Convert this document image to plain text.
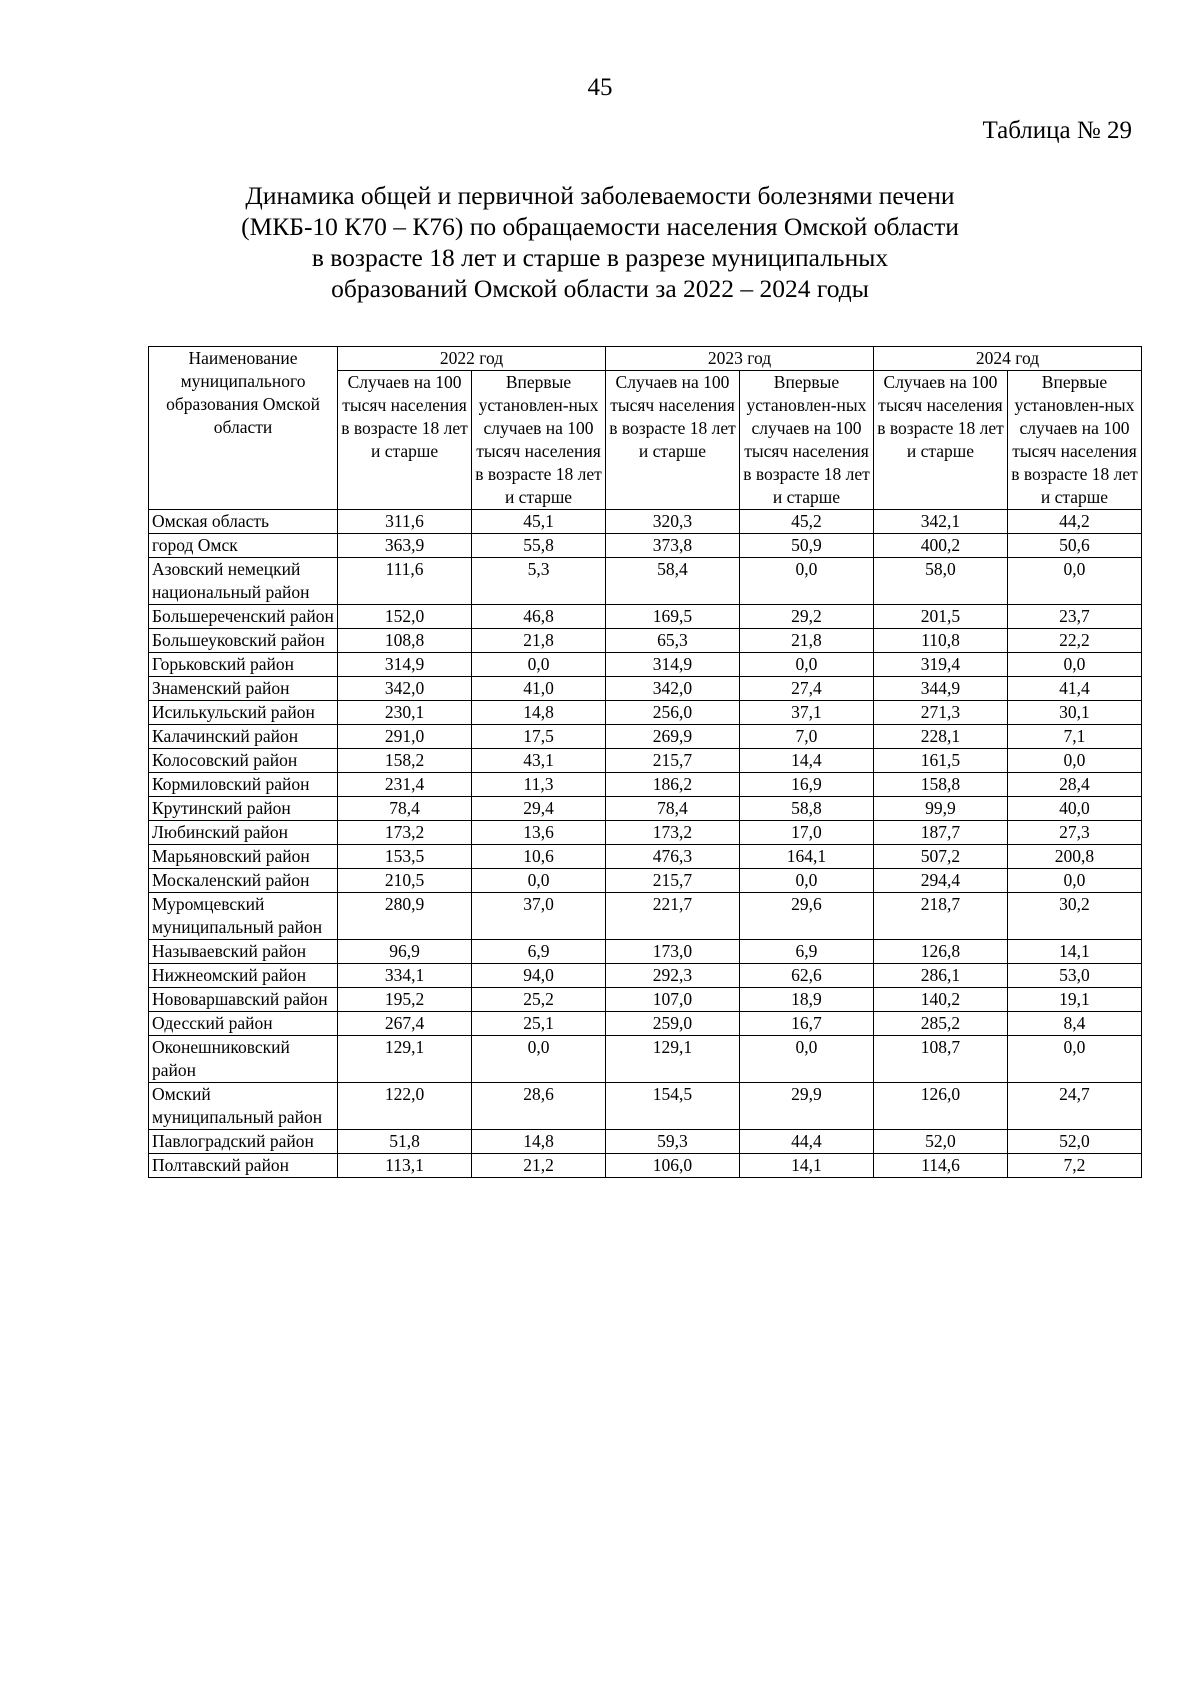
45
Таблица № 29
Динамика общей и первичной заболеваемости болезнями печени
(МКБ-10 К70 – К76) по обращаемости населения Омской области
в возрасте 18 лет и старше в разрезе муниципальных
образований Омской области за 2022 – 2024 годы
Наименование муниципального образования Омской области	2022 год		2023 год		2024 год	
	Случаев на 100 тысяч населения в возрасте 18 лет и старше	Впервые установлен-ных случаев на 100 тысяч населения в возрасте 18 лет и старше	Случаев на 100 тысяч населения в возрасте 18 лет и старше	Впервые установлен-ных случаев на 100 тысяч населения в возрасте 18 лет и старше	Случаев на 100 тысяч населения в возрасте 18 лет и старше	Впервые установлен-ных случаев на 100 тысяч населения в возрасте 18 лет и старше
Омская область	311,6	45,1	320,3	45,2	342,1	44,2
город Омск	363,9	55,8	373,8	50,9	400,2	50,6
Азовский немецкий национальный район	111,6	5,3	58,4	0,0	58,0	0,0
Большереченский район	152,0	46,8	169,5	29,2	201,5	23,7
Большеуковский район	108,8	21,8	65,3	21,8	110,8	22,2
Горьковский район	314,9	0,0	314,9	0,0	319,4	0,0
Знаменский район	342,0	41,0	342,0	27,4	344,9	41,4
Исилькульский район	230,1	14,8	256,0	37,1	271,3	30,1
Калачинский район	291,0	17,5	269,9	7,0	228,1	7,1
Колосовский район	158,2	43,1	215,7	14,4	161,5	0,0
Кормиловский район	231,4	11,3	186,2	16,9	158,8	28,4
Крутинский район	78,4	29,4	78,4	58,8	99,9	40,0
Любинский район	173,2	13,6	173,2	17,0	187,7	27,3
Марьяновский район	153,5	10,6	476,3	164,1	507,2	200,8
Москаленский район	210,5	0,0	215,7	0,0	294,4	0,0
Муромцевский муниципальный район	280,9	37,0	221,7	29,6	218,7	30,2
Называевский район	96,9	6,9	173,0	6,9	126,8	14,1
Нижнеомский район	334,1	94,0	292,3	62,6	286,1	53,0
Нововаршавский район	195,2	25,2	107,0	18,9	140,2	19,1
Одесский район	267,4	25,1	259,0	16,7	285,2	8,4
Оконешниковский район	129,1	0,0	129,1	0,0	108,7	0,0
Омский муниципальный район	122,0	28,6	154,5	29,9	126,0	24,7
Павлоградский район	51,8	14,8	59,3	44,4	52,0	52,0
Полтавский район	113,1	21,2	106,0	14,1	114,6	7,2
